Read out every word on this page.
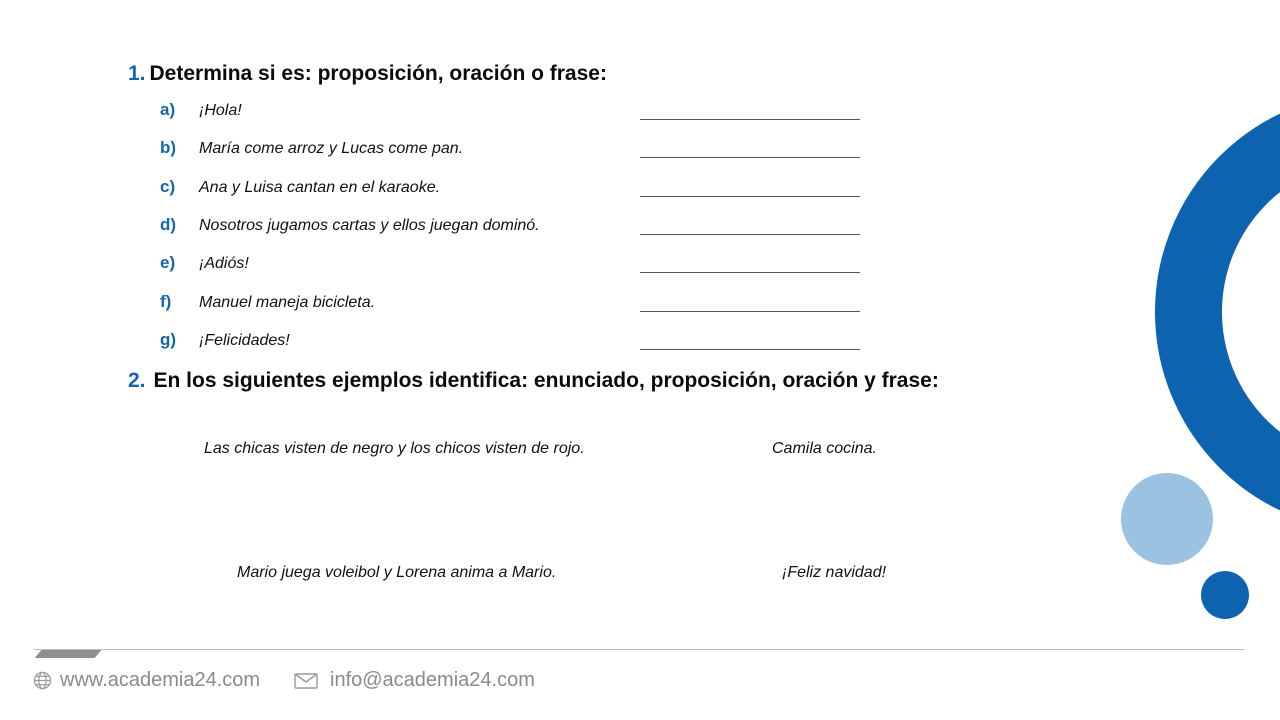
1. Determina si es: proposición, oración o frase:
a) ¡Hola!
b) María come arroz y Lucas come pan.
c) Ana y Luisa cantan en el karaoke.
d) Nosotros jugamos cartas y ellos juegan dominó.
e) ¡Adiós!
f) Manuel maneja bicicleta.
g) ¡Felicidades!
2. En los siguientes ejemplos identifica: enunciado, proposición, oración y frase:
Las chicas visten de negro y los chicos visten de rojo.	Camila cocina.
Mario juega voleibol y Lorena anima a Mario.	¡Feliz navidad!
www.academia24.com	info@academia24.com
